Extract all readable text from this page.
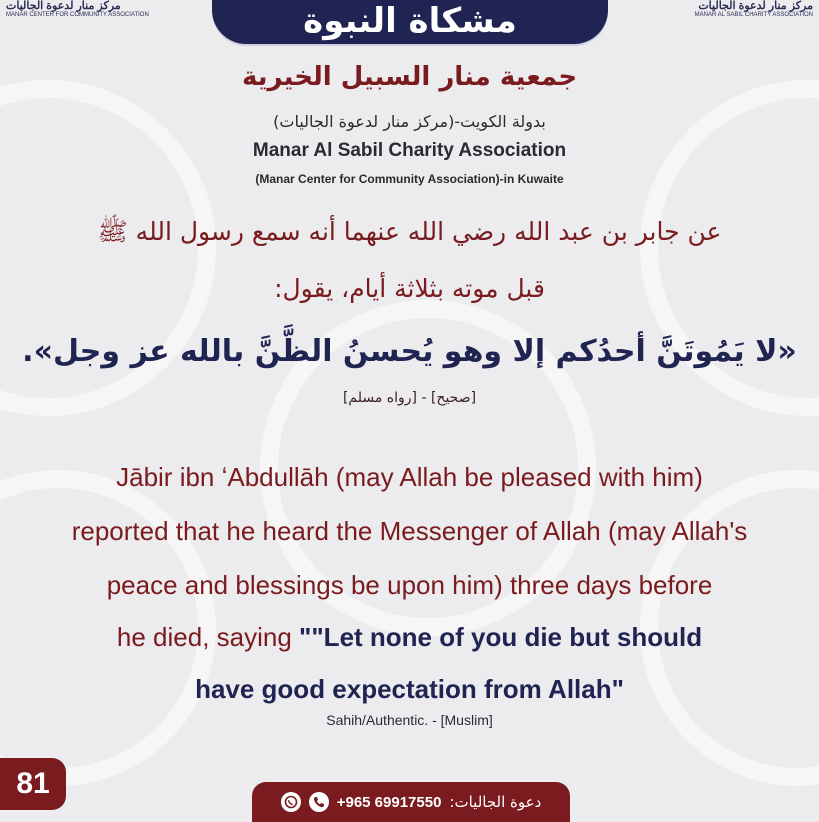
مركز منار لدعوة الجاليات
MANAR CENTER FOR COMMUNITY ASSOCIATION
مركز منار لدعوة الجاليات
MANAR AL SABIL CHARITY ASSOCIATION
مشكاة النبوة
جمعية منار السبيل الخيرية
(مركز منار لدعوة الجاليات)-بدولة الكويت
Manar Al Sabil Charity Association
(Manar Center for Community Association)-in Kuwaite
عن جابر بن عبد الله رضي الله عنهما أنه سمع رسول الله ﷺ
قبل موته بثلاثة أيام، يقول:
«لا يَمُوتَنَّ أحدُكم إلا وهو يُحسنُ الظَّنَّ بالله عز وجل».
[صحيح] - [رواه مسلم]
Jābir ibn ʻAbdullāh (may Allah be pleased with him)
reported that he heard the Messenger of Allah (may Allah's
peace and blessings be upon him) three days before
he died, saying ""Let none of you die but should
have good expectation from Allah"
Sahih/Authentic. - [Muslim]
81
+965 69917550 دعوة الجاليات:
